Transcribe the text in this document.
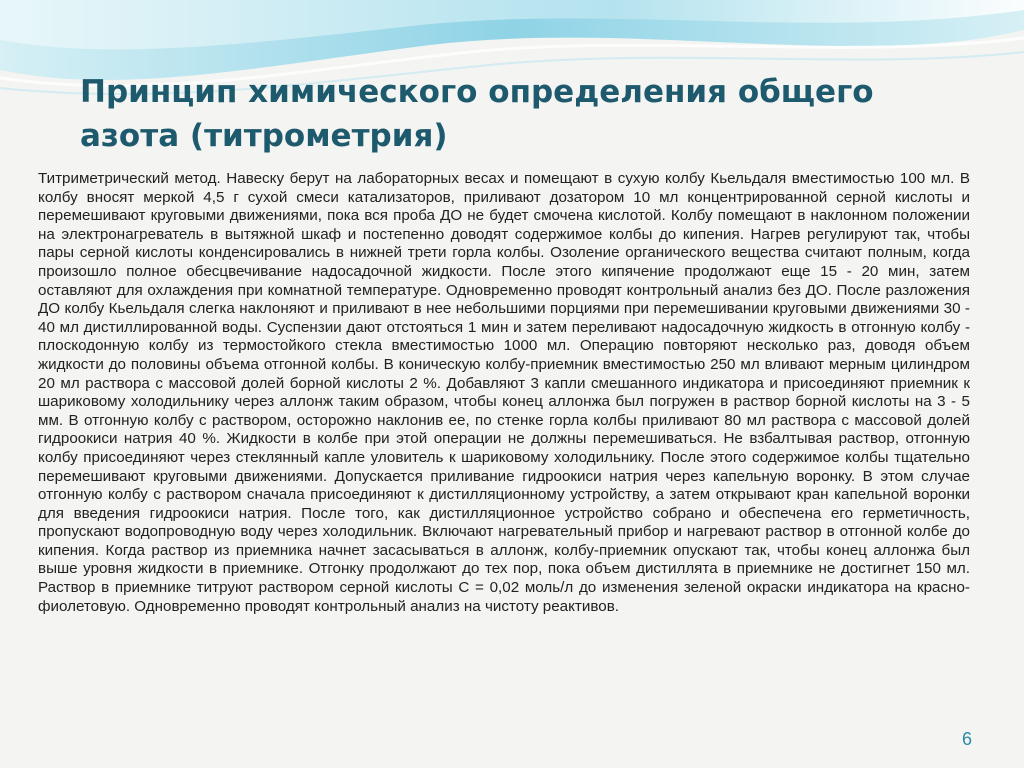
Принцип химического определения общего азота (титрометрия)

Титриметрический метод. Навеску берут на лабораторных весах и помещают в сухую колбу Кьельдаля вместимостью 100 мл. В колбу вносят меркой 4,5 г сухой смеси катализаторов, приливают дозатором 10 мл концентрированной серной кислоты и перемешивают круговыми движениями, пока вся проба ДО не будет смочена кислотой. Колбу помещают в наклонном положении на электронагреватель в вытяжной шкаф и постепенно доводят содержимое колбы до кипения. Нагрев регулируют так, чтобы пары серной кислоты конденсировались в нижней трети горла колбы. Озоление органического вещества считают полным, когда произошло полное обесцвечивание надосадочной жидкости. После этого кипячение продолжают еще 15 - 20 мин, затем оставляют для охлаждения при комнатной температуре. Одновременно проводят контрольный анализ без ДО. После разложения ДО колбу Кьельдаля слегка наклоняют и приливают в нее небольшими порциями при перемешивании круговыми движениями 30 - 40 мл дистиллированной воды. Суспензии дают отстояться 1 мин и затем переливают надосадочную жидкость в отгонную колбу - плоскодонную колбу из термостойкого стекла вместимостью 1000 мл. Операцию повторяют несколько раз, доводя объем жидкости до половины объема отгонной колбы. В коническую колбу-приемник вместимостью 250 мл вливают мерным цилиндром 20 мл раствора с массовой долей борной кислоты 2 %. Добавляют 3 капли смешанного индикатора и присоединяют приемник к шариковому холодильнику через аллонж таким образом, чтобы конец аллонжа был погружен в раствор борной кислоты на 3 - 5 мм. В отгонную колбу с раствором, осторожно наклонив ее, по стенке горла колбы приливают 80 мл раствора с массовой долей гидроокиси натрия 40 %. Жидкости в колбе при этой операции не должны перемешиваться. Не взбалтывая раствор, отгонную колбу присоединяют через стеклянный капле уловитель к шариковому холодильнику. После этого содержимое колбы тщательно перемешивают круговыми движениями. Допускается приливание гидроокиси натрия через капельную воронку. В этом случае отгонную колбу с раствором сначала присоединяют к дистилляционному устройству, а затем открывают кран капельной воронки для введения гидроокиси натрия. После того, как дистилляционное устройство собрано и обеспечена его герметичность, пропускают водопроводную воду через холодильник. Включают нагревательный прибор и нагревают раствор в отгонной колбе до кипения. Когда раствор из приемника начнет засасываться в аллонж, колбу-приемник опускают так, чтобы конец аллонжа был выше уровня жидкости в приемнике. Отгонку продолжают до тех пор, пока объем дистиллята в приемнике не достигнет 150 мл. Раствор в приемнике титруют раствором серной кислоты С = 0,02 моль/л до изменения зеленой окраски индикатора на красно-фиолетовую. Одновременно проводят контрольный анализ на чистоту реактивов.

6
